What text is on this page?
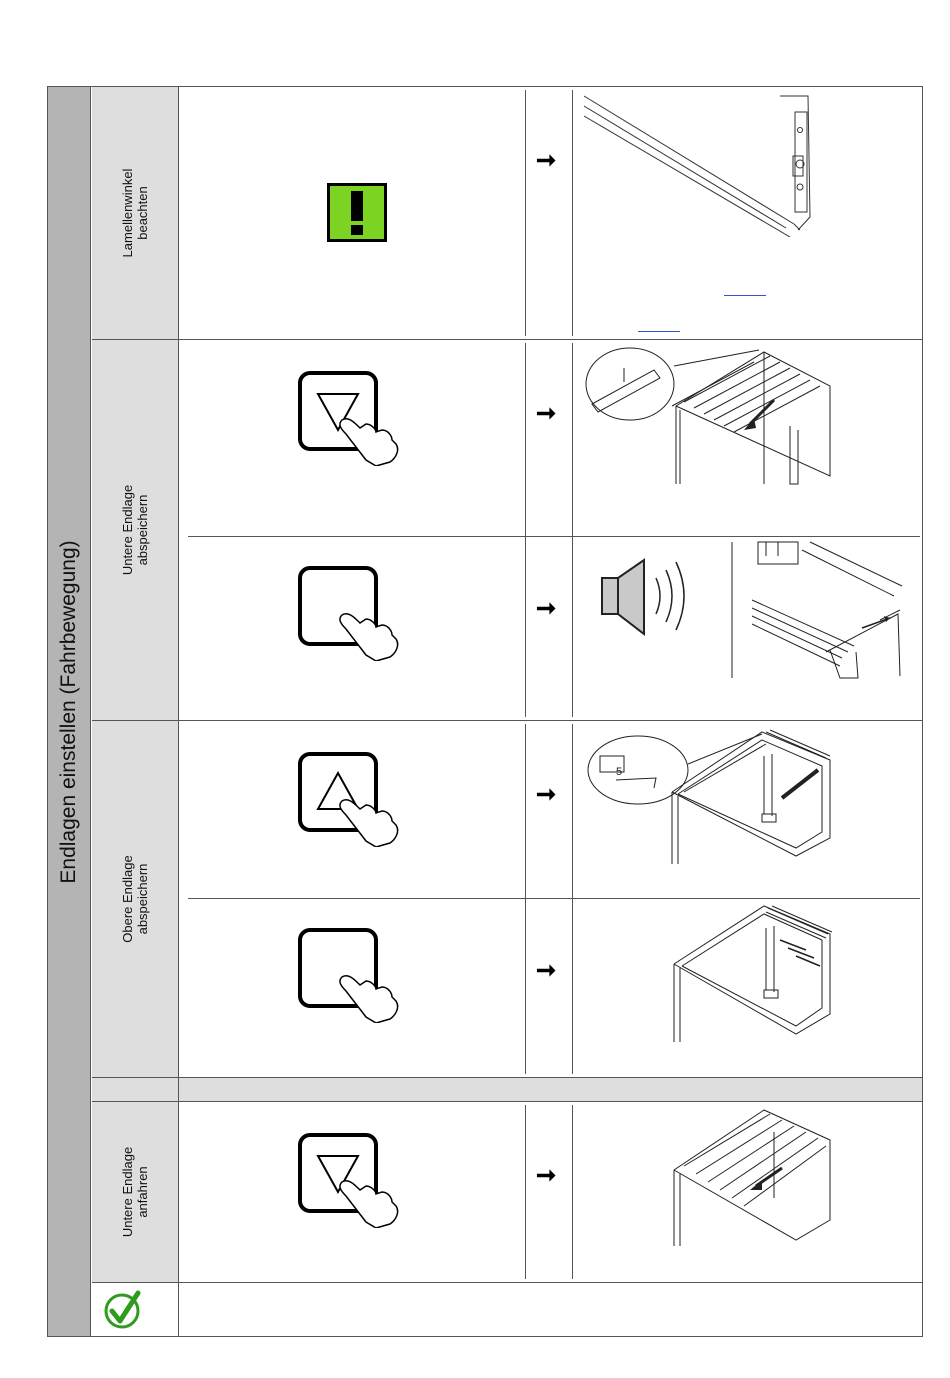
Endlagen einstellen (Fahrbewegung)
Lamellenwinkel
beachten
Untere Endlage
abspeichern
Obere Endlage
abspeichern
Untere Endlage
anfahren
➞
➞
➞
➞
5
➞
➞
